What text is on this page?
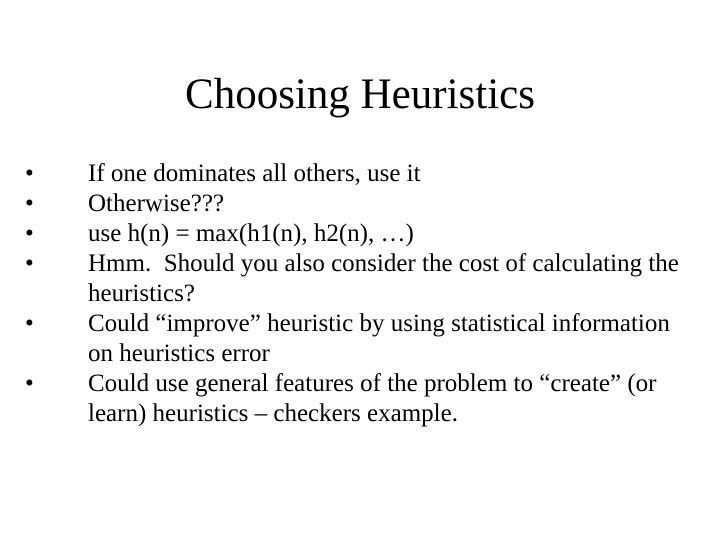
Choosing Heuristics
• If one dominates all others, use it
• Otherwise???
• use h(n) = max(h1(n), h2(n), …)
• Hmm.  Should you also consider the cost of calculating the heuristics?
• Could “improve” heuristic by using statistical information on heuristics error
• Could use general features of the problem to “create” (or learn) heuristics – checkers example.
